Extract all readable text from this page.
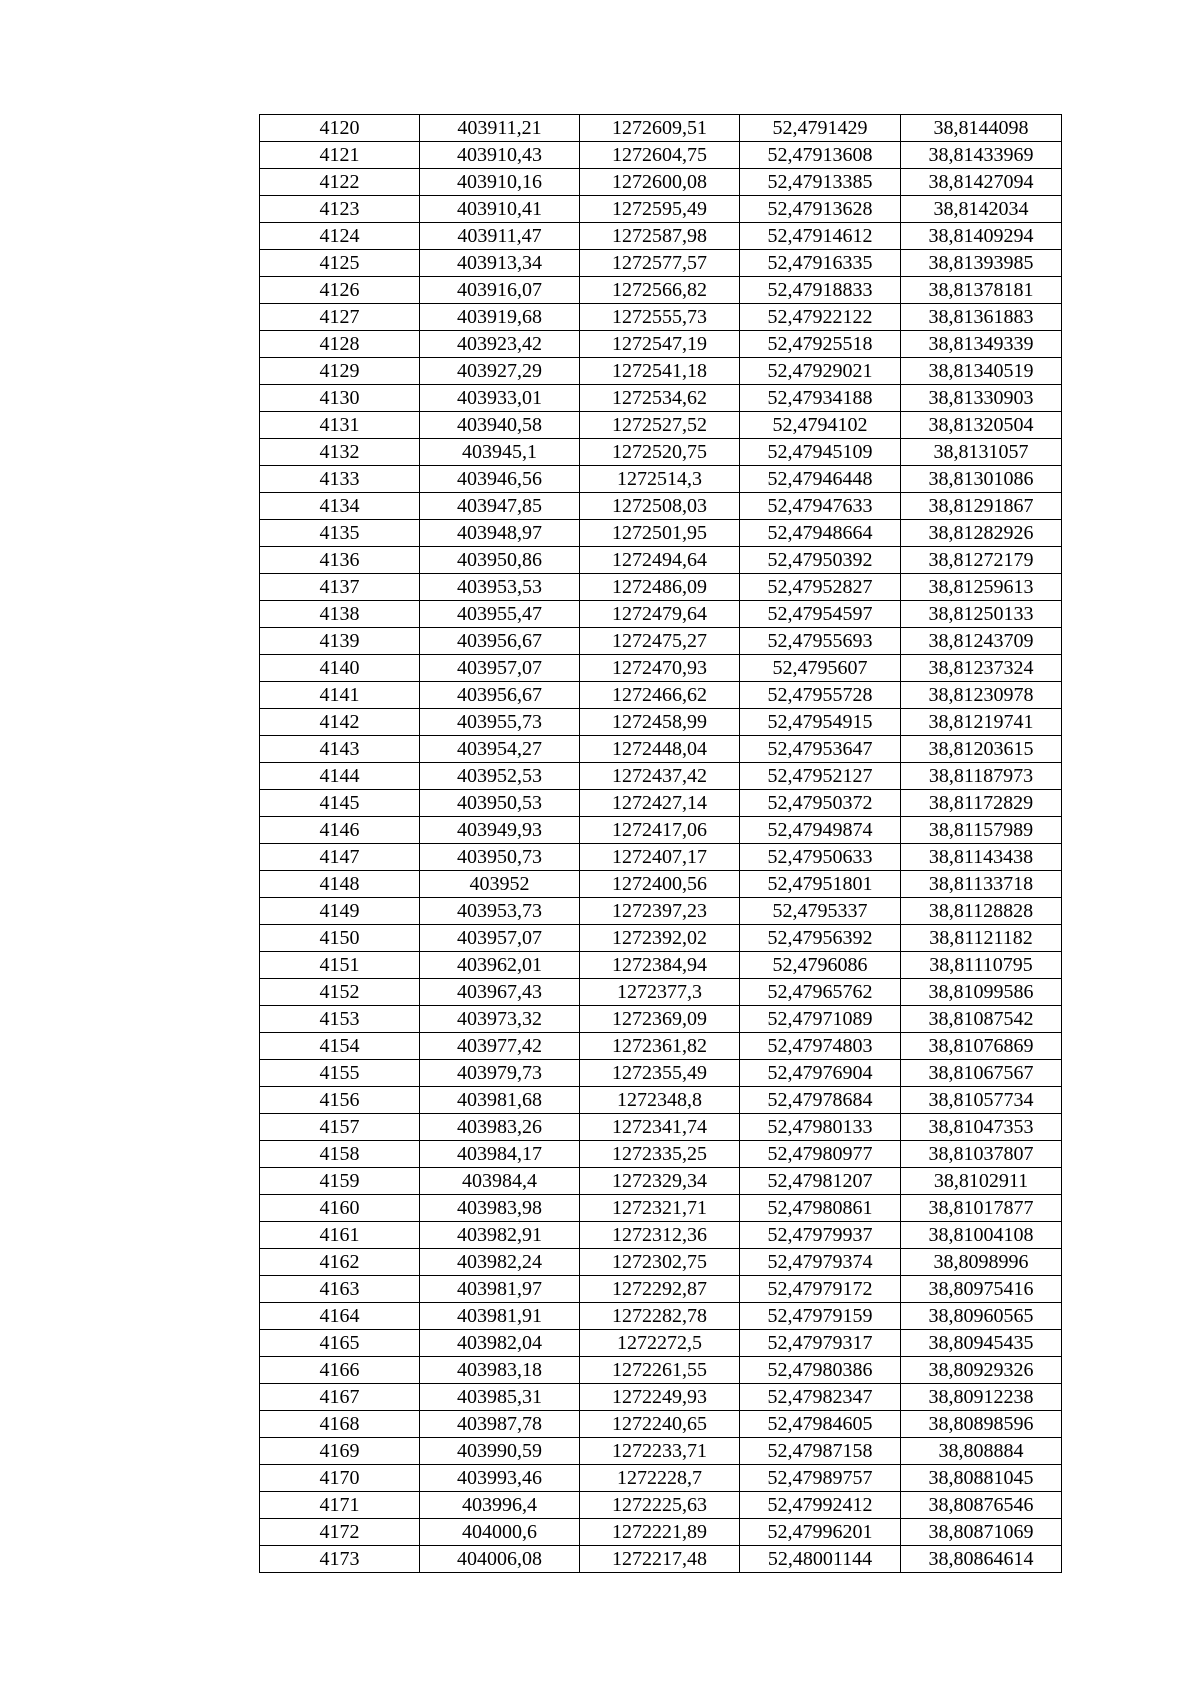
4120	403911,21	1272609,51	52,4791429	38,8144098
4121	403910,43	1272604,75	52,47913608	38,81433969
4122	403910,16	1272600,08	52,47913385	38,81427094
4123	403910,41	1272595,49	52,47913628	38,8142034
4124	403911,47	1272587,98	52,47914612	38,81409294
4125	403913,34	1272577,57	52,47916335	38,81393985
4126	403916,07	1272566,82	52,47918833	38,81378181
4127	403919,68	1272555,73	52,47922122	38,81361883
4128	403923,42	1272547,19	52,47925518	38,81349339
4129	403927,29	1272541,18	52,47929021	38,81340519
4130	403933,01	1272534,62	52,47934188	38,81330903
4131	403940,58	1272527,52	52,4794102	38,81320504
4132	403945,1	1272520,75	52,47945109	38,8131057
4133	403946,56	1272514,3	52,47946448	38,81301086
4134	403947,85	1272508,03	52,47947633	38,81291867
4135	403948,97	1272501,95	52,47948664	38,81282926
4136	403950,86	1272494,64	52,47950392	38,81272179
4137	403953,53	1272486,09	52,47952827	38,81259613
4138	403955,47	1272479,64	52,47954597	38,81250133
4139	403956,67	1272475,27	52,47955693	38,81243709
4140	403957,07	1272470,93	52,4795607	38,81237324
4141	403956,67	1272466,62	52,47955728	38,81230978
4142	403955,73	1272458,99	52,47954915	38,81219741
4143	403954,27	1272448,04	52,47953647	38,81203615
4144	403952,53	1272437,42	52,47952127	38,81187973
4145	403950,53	1272427,14	52,47950372	38,81172829
4146	403949,93	1272417,06	52,47949874	38,81157989
4147	403950,73	1272407,17	52,47950633	38,81143438
4148	403952	1272400,56	52,47951801	38,81133718
4149	403953,73	1272397,23	52,4795337	38,81128828
4150	403957,07	1272392,02	52,47956392	38,81121182
4151	403962,01	1272384,94	52,4796086	38,81110795
4152	403967,43	1272377,3	52,47965762	38,81099586
4153	403973,32	1272369,09	52,47971089	38,81087542
4154	403977,42	1272361,82	52,47974803	38,81076869
4155	403979,73	1272355,49	52,47976904	38,81067567
4156	403981,68	1272348,8	52,47978684	38,81057734
4157	403983,26	1272341,74	52,47980133	38,81047353
4158	403984,17	1272335,25	52,47980977	38,81037807
4159	403984,4	1272329,34	52,47981207	38,8102911
4160	403983,98	1272321,71	52,47980861	38,81017877
4161	403982,91	1272312,36	52,47979937	38,81004108
4162	403982,24	1272302,75	52,47979374	38,8098996
4163	403981,97	1272292,87	52,47979172	38,80975416
4164	403981,91	1272282,78	52,47979159	38,80960565
4165	403982,04	1272272,5	52,47979317	38,80945435
4166	403983,18	1272261,55	52,47980386	38,80929326
4167	403985,31	1272249,93	52,47982347	38,80912238
4168	403987,78	1272240,65	52,47984605	38,80898596
4169	403990,59	1272233,71	52,47987158	38,808884
4170	403993,46	1272228,7	52,47989757	38,80881045
4171	403996,4	1272225,63	52,47992412	38,80876546
4172	404000,6	1272221,89	52,47996201	38,80871069
4173	404006,08	1272217,48	52,48001144	38,80864614
